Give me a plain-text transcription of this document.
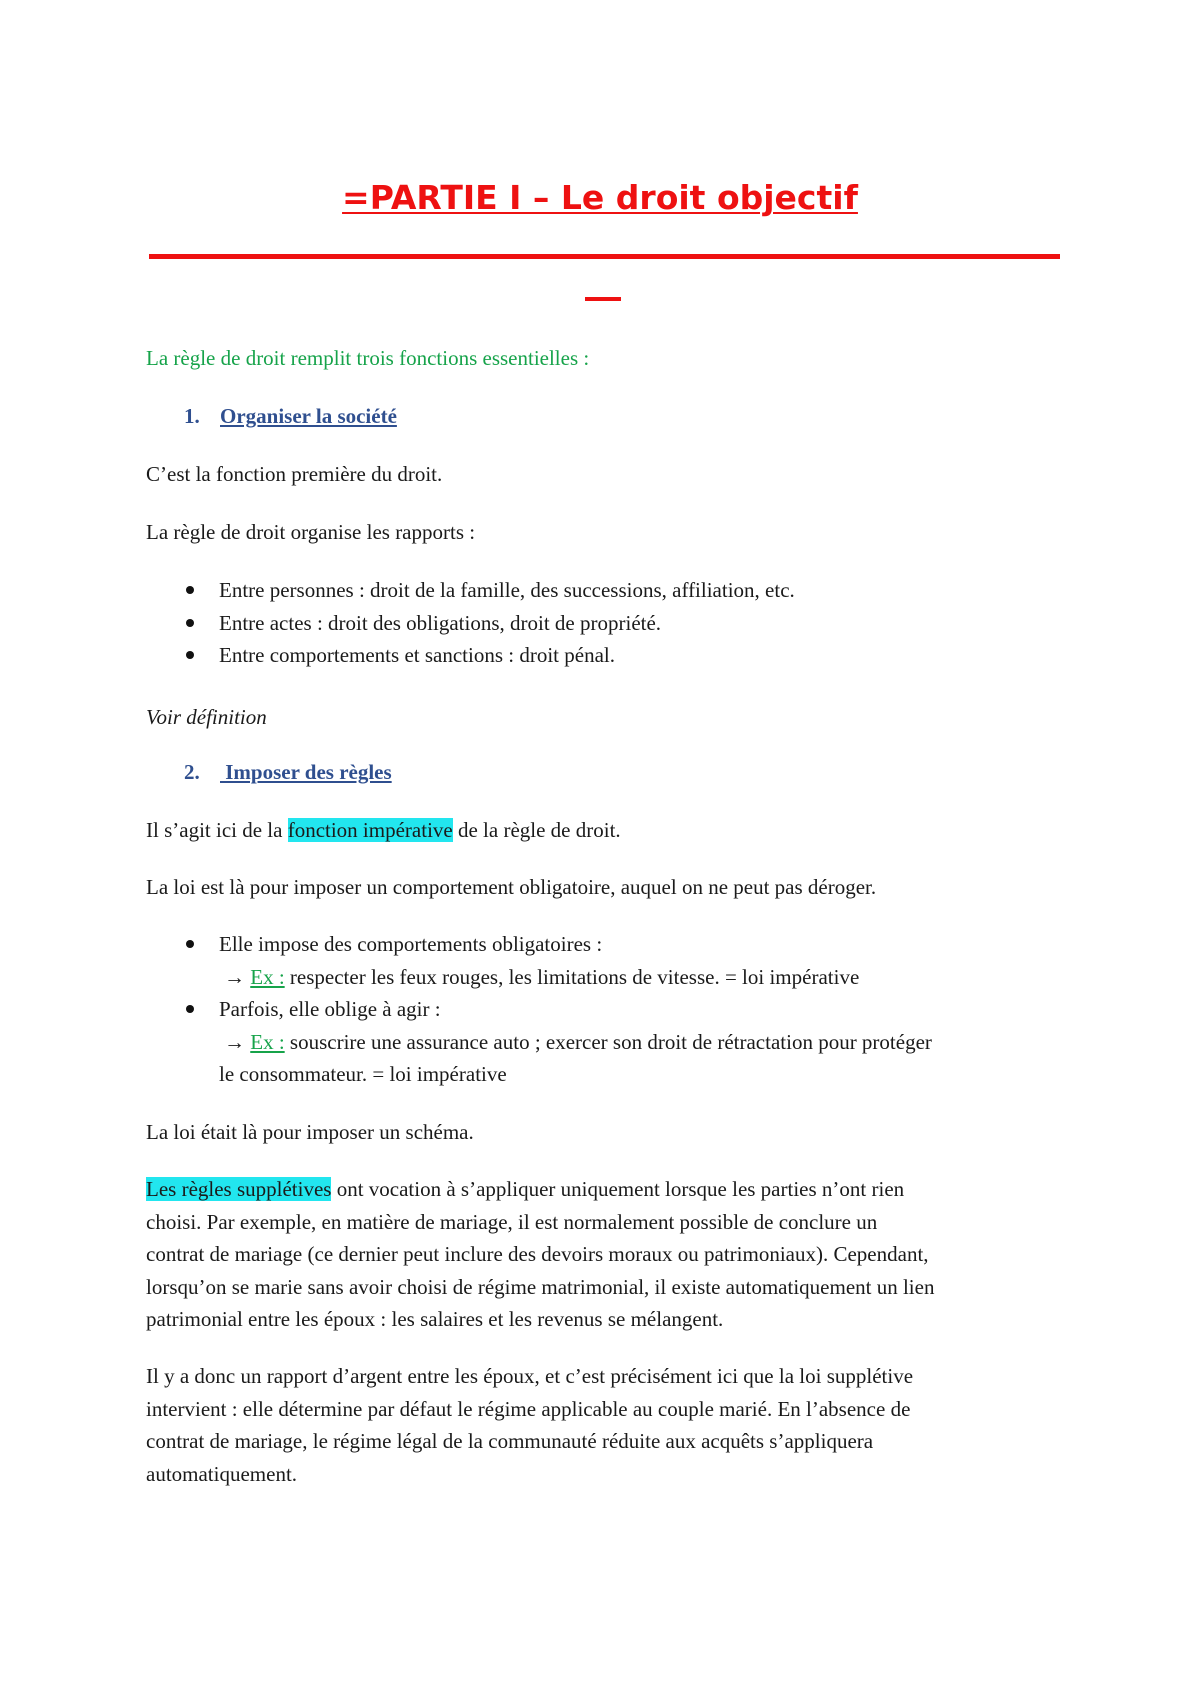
=PARTIE I – Le droit objectif
La règle de droit remplit trois fonctions essentielles :
1. Organiser la société
C’est la fonction première du droit.
La règle de droit organise les rapports :
Entre personnes : droit de la famille, des successions, affiliation, etc.
Entre actes : droit des obligations, droit de propriété.
Entre comportements et sanctions : droit pénal.
Voir définition
2. Imposer des règles
Il s’agit ici de la fonction impérative de la règle de droit.
La loi est là pour imposer un comportement obligatoire, auquel on ne peut pas déroger.
Elle impose des comportements obligatoires :
→ Ex : respecter les feux rouges, les limitations de vitesse. = loi impérative
Parfois, elle oblige à agir :
→ Ex : souscrire une assurance auto ; exercer son droit de rétractation pour protéger
le consommateur. = loi impérative
La loi était là pour imposer un schéma.
Les règles supplétives ont vocation à s’appliquer uniquement lorsque les parties n’ont rien
choisi. Par exemple, en matière de mariage, il est normalement possible de conclure un
contrat de mariage (ce dernier peut inclure des devoirs moraux ou patrimoniaux). Cependant,
lorsqu’on se marie sans avoir choisi de régime matrimonial, il existe automatiquement un lien
patrimonial entre les époux : les salaires et les revenus se mélangent.
Il y a donc un rapport d’argent entre les époux, et c’est précisément ici que la loi supplétive
intervient : elle détermine par défaut le régime applicable au couple marié. En l’absence de
contrat de mariage, le régime légal de la communauté réduite aux acquêts s’appliquera
automatiquement.
